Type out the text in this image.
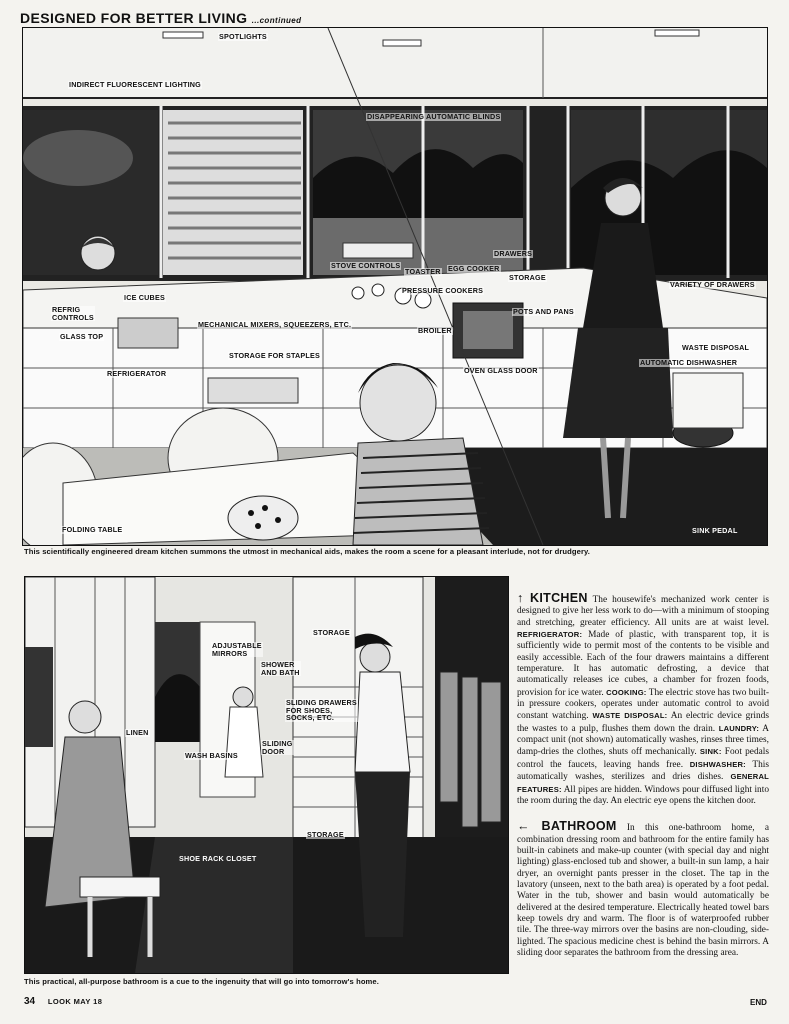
DESIGNED FOR BETTER LIVING ...continued
SPOTLIGHTS
INDIRECT FLUORESCENT LIGHTING
DISAPPEARING AUTOMATIC BLINDS
DRAWERS
STOVE CONTROLS
TOASTER EGG COOKER
STORAGE
VARIETY OF DRAWERS
ICE CUBES
REFRIG
CONTROLS
PRESSURE COOKERS
GLASS TOP
MECHANICAL MIXERS, SQUEEZERS, ETC.
POTS AND PANS
BROILER
WASTE DISPOSAL
STORAGE FOR STAPLES
AUTOMATIC DISHWASHER
REFRIGERATOR	OVEN GLASS DOOR
FOLDING TABLE	SINK PEDAL
This scientifically engineered dream kitchen summons the utmost in mechanical aids, makes the room a scene for a pleasant interlude, not for drudgery.
STORAGE
ADJUSTABLE
MIRRORS
SHOWER
AND BATH
SLIDING DRAWERS
FOR SHOES,
SOCKS, ETC.
LINEN
WASH BASINS
SLIDING
DOOR
STORAGE
SHOE RACK CLOSET
This practical, all-purpose bathroom is a cue to the ingenuity that will go into tomorrow's home.

↑ KITCHEN The housewife's mechanized work center is designed to give her less work to do—with a minimum of stooping and stretching, greater efficiency. All units are at waist level. REFRIGERATOR: Made of plastic, with transparent top, it is sufficiently wide to permit most of the contents to be visible and easily accessible. Each of the four drawers maintains a different temperature. It has automatic defrosting, a device that automatically releases ice cubes, a chamber for frozen foods, provision for ice water. COOKING: The electric stove has two built-in pressure cookers, operates under automatic control to avoid constant watching. WASTE DISPOSAL: An electric device grinds the wastes to a pulp, flushes them down the drain. LAUNDRY: A compact unit (not shown) automatically washes, rinses three times, damp-dries the clothes, shuts off mechanically. SINK: Foot pedals control the faucets, leaving hands free. DISHWASHER: This automatically washes, sterilizes and dries dishes. GENERAL FEATURES: All pipes are hidden. Windows pour diffused light into the room during the day. An electric eye opens the kitchen door.

← BATHROOM In this one-bathroom home, a combination dressing room and bathroom for the entire family has built-in cabinets and make-up counter (with special day and night lighting) glass-enclosed tub and shower, a built-in sun lamp, a hair dryer, an overnight pants presser in the closet. The tap in the lavatory (unseen, next to the bath area) is operated by a foot pedal. Water in the tub, shower and basin would automatically be delivered at the desired temperature. Electrically heated towel bars keep towels dry and warm. The floor is of waterproofed rubber tile. The three-way mirrors over the basins are non-clouding, side-lighted. The spacious medicine chest is behind the basin mirrors. A sliding door separates the bathroom from the dressing area.

34 LOOK MAY 18	END
